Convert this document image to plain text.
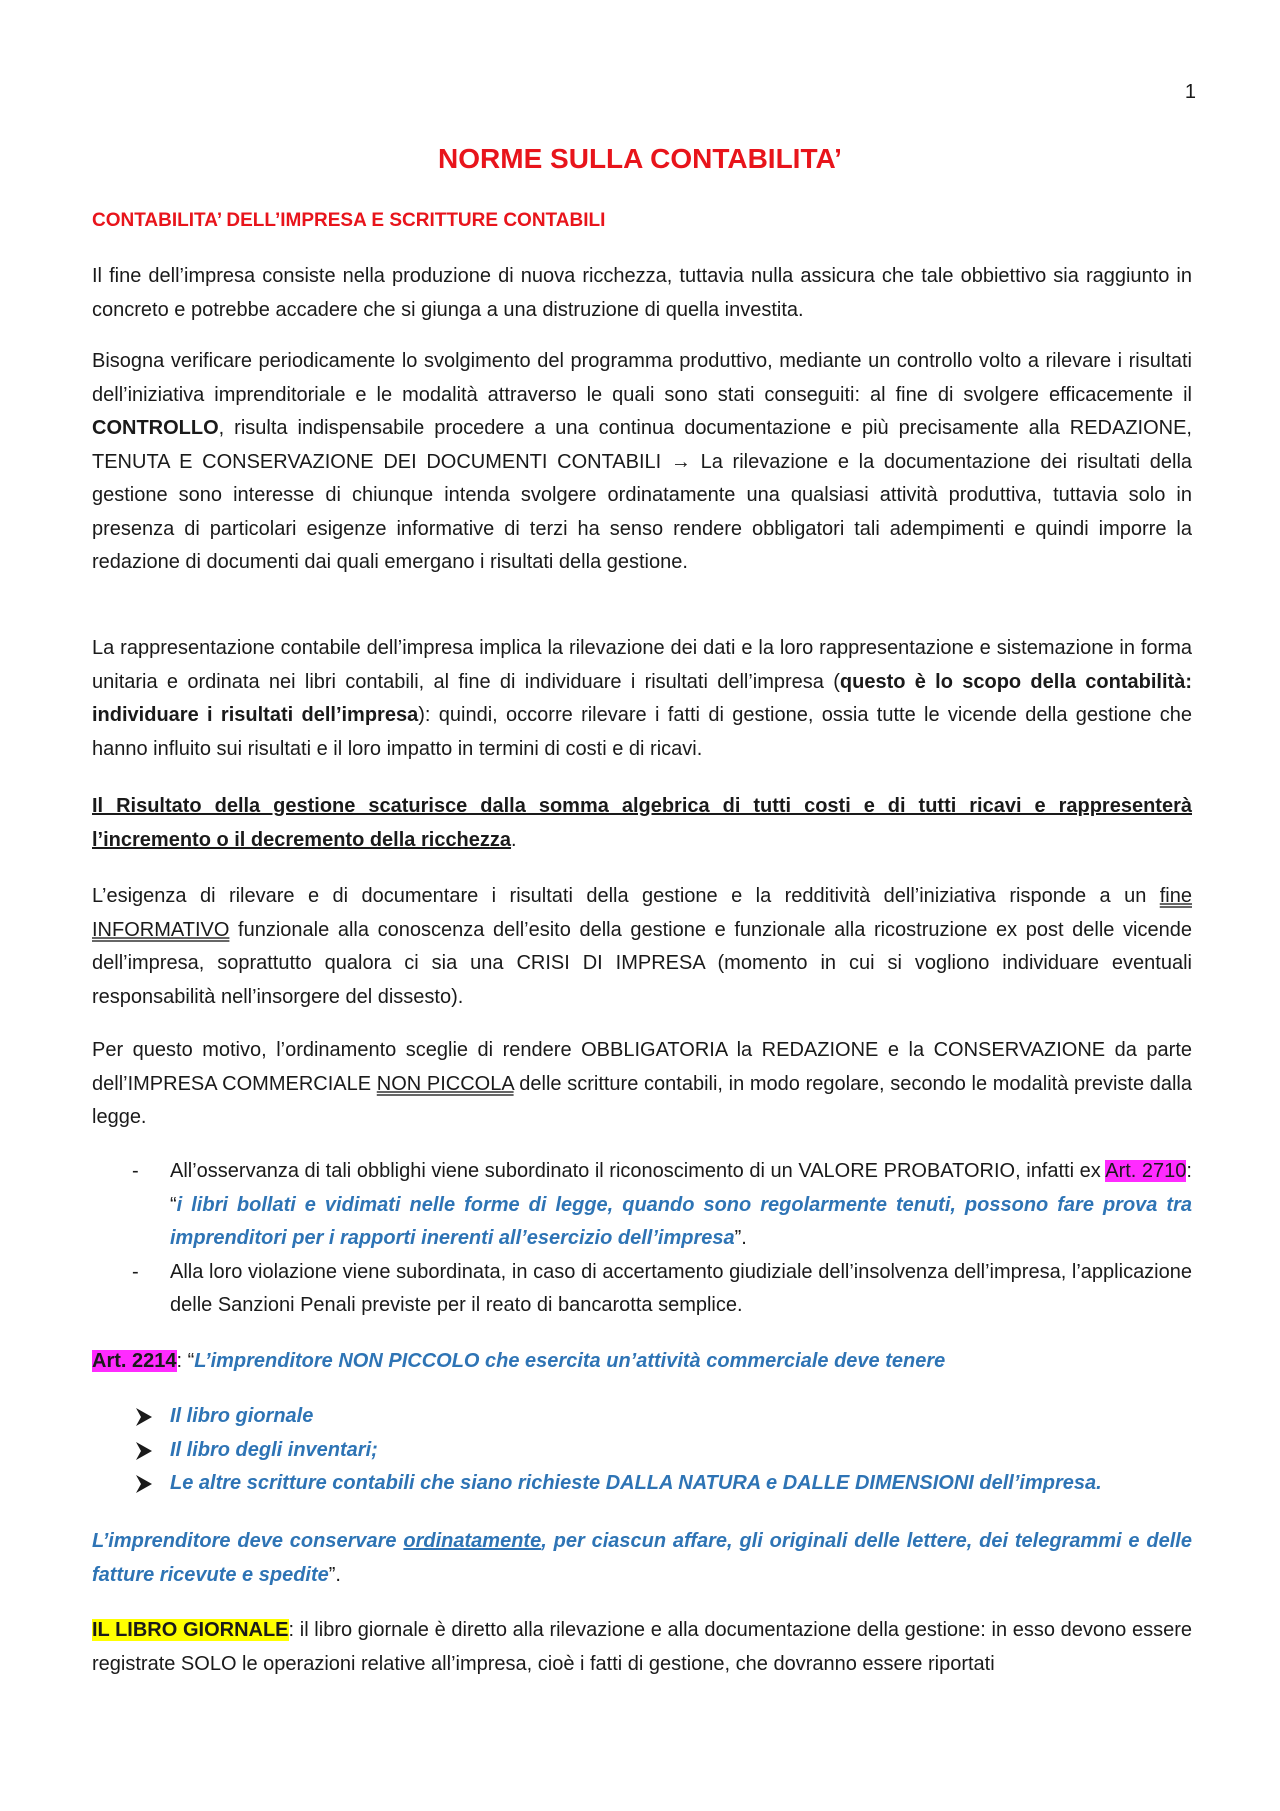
1
NORME SULLA CONTABILITA’
CONTABILITA’ DELL’IMPRESA E SCRITTURE CONTABILI

Il fine dell’impresa consiste nella produzione di nuova ricchezza, tuttavia nulla assicura che tale obbiettivo sia raggiunto in concreto e potrebbe accadere che si giunga a una distruzione di quella investita.

Bisogna verificare periodicamente lo svolgimento del programma produttivo, mediante un controllo volto a rilevare i risultati dell’iniziativa imprenditoriale e le modalità attraverso le quali sono stati conseguiti: al fine di svolgere efficacemente il CONTROLLO, risulta indispensabile procedere a una continua documentazione e più precisamente alla REDAZIONE, TENUTA E CONSERVAZIONE DEI DOCUMENTI CONTABILI → La rilevazione e la documentazione dei risultati della gestione sono interesse di chiunque intenda svolgere ordinatamente una qualsiasi attività produttiva, tuttavia solo in presenza di particolari esigenze informative di terzi ha senso rendere obbligatori tali adempimenti e quindi imporre la redazione di documenti dai quali emergano i risultati della gestione.

La rappresentazione contabile dell’impresa implica la rilevazione dei dati e la loro rappresentazione e sistemazione in forma unitaria e ordinata nei libri contabili, al fine di individuare i risultati dell’impresa (questo è lo scopo della contabilità: individuare i risultati dell’impresa): quindi, occorre rilevare i fatti di gestione, ossia tutte le vicende della gestione che hanno influito sui risultati e il loro impatto in termini di costi e di ricavi.

Il Risultato della gestione scaturisce dalla somma algebrica di tutti costi e di tutti ricavi e rappresenterà l’incremento o il decremento della ricchezza.

L’esigenza di rilevare e di documentare i risultati della gestione e la redditività dell’iniziativa risponde a un fine INFORMATIVO funzionale alla conoscenza dell’esito della gestione e funzionale alla ricostruzione ex post delle vicende dell’impresa, soprattutto qualora ci sia una CRISI DI IMPRESA (momento in cui si vogliono individuare eventuali responsabilità nell’insorgere del dissesto).

Per questo motivo, l’ordinamento sceglie di rendere OBBLIGATORIA la REDAZIONE e la CONSERVAZIONE da parte dell’IMPRESA COMMERCIALE NON PICCOLA delle scritture contabili, in modo regolare, secondo le modalità previste dalla legge.

- All’osservanza di tali obblighi viene subordinato il riconoscimento di un VALORE PROBATORIO, infatti ex Art. 2710: “i libri bollati e vidimati nelle forme di legge, quando sono regolarmente tenuti, possono fare prova tra imprenditori per i rapporti inerenti all’esercizio dell’impresa”.

- Alla loro violazione viene subordinata, in caso di accertamento giudiziale dell’insolvenza dell’impresa, l’applicazione delle Sanzioni Penali previste per il reato di bancarotta semplice.

Art. 2214: “L’imprenditore NON PICCOLO che esercita un’attività commerciale deve tenere

Il libro giornale
Il libro degli inventari;
Le altre scritture contabili che siano richieste DALLA NATURA e DALLE DIMENSIONI dell’impresa.

L’imprenditore deve conservare ordinatamente, per ciascun affare, gli originali delle lettere, dei telegrammi e delle fatture ricevute e spedite”.

IL LIBRO GIORNALE: il libro giornale è diretto alla rilevazione e alla documentazione della gestione: in esso devono essere registrate SOLO le operazioni relative all’impresa, cioè i fatti di gestione, che dovranno essere riportati
